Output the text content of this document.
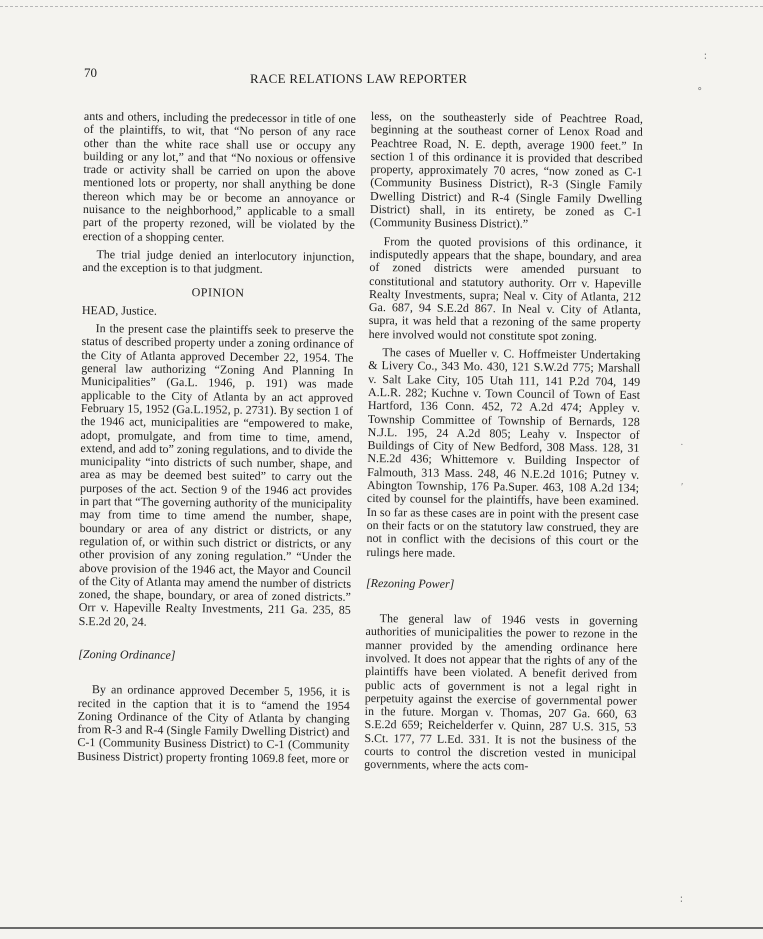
∶
∘
·
′
∶
70	RACE RELATIONS LAW REPORTER

ants and others, including the predecessor in title of one of the plaintiffs, to wit, that “No person of any race other than the white race shall use or occupy any building or any lot,” and that “No noxious or offensive trade or activity shall be carried on upon the above mentioned lots or property, nor shall anything be done thereon which may be or become an annoyance or nuisance to the neighborhood,” applicable to a small part of the property rezoned, will be violated by the erection of a shopping center.

The trial judge denied an interlocutory injunction, and the exception is to that judgment.

OPINION

HEAD, Justice.

In the present case the plaintiffs seek to preserve the status of described property under a zoning ordinance of the City of Atlanta approved December 22, 1954. The general law authorizing “Zoning And Planning In Municipalities” (Ga.L. 1946, p. 191) was made applicable to the City of Atlanta by an act approved February 15, 1952 (Ga.L.1952, p. 2731). By section 1 of the 1946 act, municipalities are “empowered to make, adopt, promulgate, and from time to time, amend, extend, and add to” zoning regulations, and to divide the municipality “into districts of such number, shape, and area as may be deemed best suited” to carry out the purposes of the act. Section 9 of the 1946 act provides in part that “The governing authority of the municipality may from time to time amend the number, shape, boundary or area of any district or districts, or any regulation of, or within such district or districts, or any other provision of any zoning regulation.” “Under the above provision of the 1946 act, the Mayor and Council of the City of Atlanta may amend the number of districts zoned, the shape, boundary, or area of zoned districts.” Orr v. Hapeville Realty Investments, 211 Ga. 235, 85 S.E.2d 20, 24.

[Zoning Ordinance]

By an ordinance approved December 5, 1956, it is recited in the caption that it is to “amend the 1954 Zoning Ordinance of the City of Atlanta by changing from R-3 and R-4 (Single Family Dwelling District) and C-1 (Community Business District) to C-1 (Community Business District) property fronting 1069.8 feet, more or

less, on the southeasterly side of Peachtree Road, beginning at the southeast corner of Lenox Road and Peachtree Road, N. E. depth, average 1900 feet.” In section 1 of this ordinance it is provided that described property, approximately 70 acres, “now zoned as C-1 (Community Business District), R-3 (Single Family Dwelling District) and R-4 (Single Family Dwelling District) shall, in its entirety, be zoned as C-1 (Community Business District).”

From the quoted provisions of this ordinance, it indisputedly appears that the shape, boundary, and area of zoned districts were amended pursuant to constitutional and statutory authority. Orr v. Hapeville Realty Investments, supra; Neal v. City of Atlanta, 212 Ga. 687, 94 S.E.2d 867. In Neal v. City of Atlanta, supra, it was held that a rezoning of the same property here involved would not constitute spot zoning.

The cases of Mueller v. C. Hoffmeister Undertaking & Livery Co., 343 Mo. 430, 121 S.W.2d 775; Marshall v. Salt Lake City, 105 Utah 111, 141 P.2d 704, 149 A.L.R. 282; Kuchne v. Town Council of Town of East Hartford, 136 Conn. 452, 72 A.2d 474; Appley v. Township Committee of Township of Bernards, 128 N.J.L. 195, 24 A.2d 805; Leahy v. Inspector of Buildings of City of New Bedford, 308 Mass. 128, 31 N.E.2d 436; Whittemore v. Building Inspector of Falmouth, 313 Mass. 248, 46 N.E.2d 1016; Putney v. Abington Township, 176 Pa.Super. 463, 108 A.2d 134; cited by counsel for the plaintiffs, have been examined. In so far as these cases are in point with the present case on their facts or on the statutory law construed, they are not in conflict with the decisions of this court or the rulings here made.

[Rezoning Power]

The general law of 1946 vests in governing authorities of municipalities the power to rezone in the manner provided by the amending ordinance here involved. It does not appear that the rights of any of the plaintiffs have been violated. A benefit derived from public acts of government is not a legal right in perpetuity against the exercise of governmental power in the future. Morgan v. Thomas, 207 Ga. 660, 63 S.E.2d 659; Reichelderfer v. Quinn, 287 U.S. 315, 53 S.Ct. 177, 77 L.Ed. 331. It is not the business of the courts to control the discretion vested in municipal governments, where the acts com-
